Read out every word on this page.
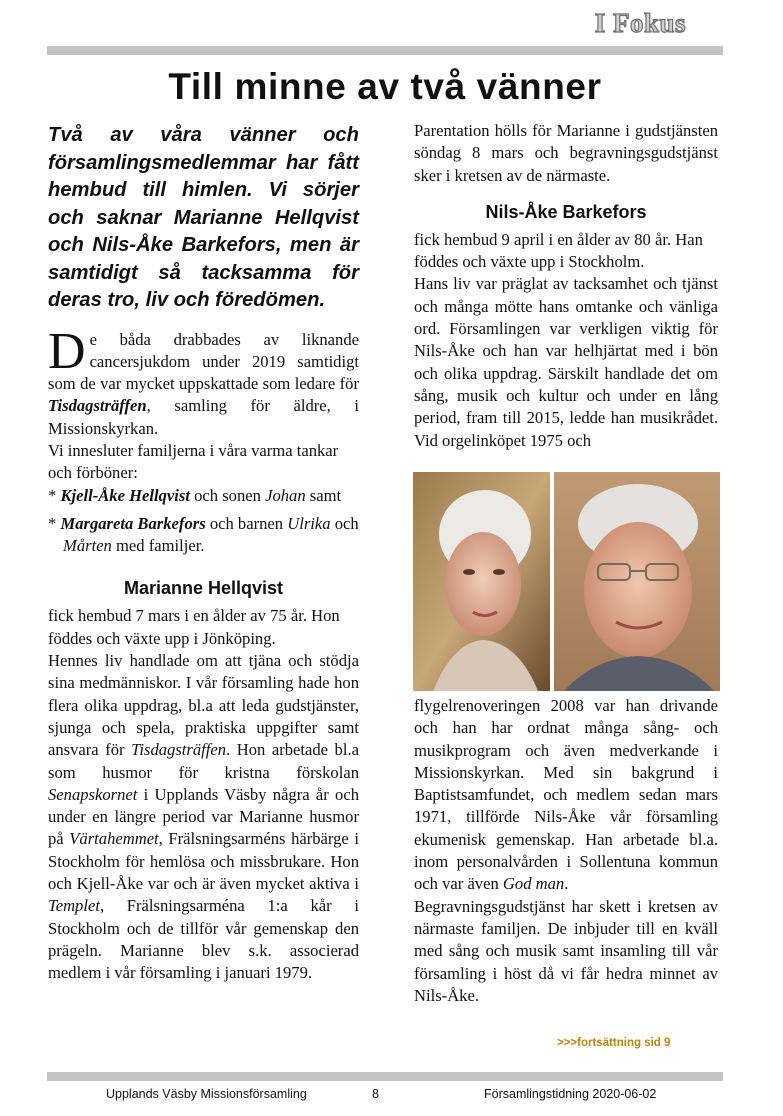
I Fokus
Till minne av två vänner

Två av våra vänner och församlingsmedlemmar har fått hembud till himlen. Vi sörjer och saknar Marianne Hellqvist och Nils-Åke Barkefors, men är samtidigt så tacksamma för deras tro, liv och föredömen.

De båda drabbades av liknande cancersjukdom under 2019 samtidigt som de var mycket uppskattade som ledare för Tisdagsträffen, samling för äldre, i Missionskyrkan.

Vi innesluter familjerna i våra varma tankar och förböner:

* Kjell-Åke Hellqvist och sonen Johan samt

* Margareta Barkefors och barnen Ulrika och Mårten med familjer.

Marianne Hellqvist

fick hembud 7 mars i en ålder av 75 år. Hon föddes och växte upp i Jönköping.

Hennes liv handlade om att tjäna och stödja sina medmänniskor. I vår församling hade hon flera olika uppdrag, bl.a att leda gudstjänster, sjunga och spela, praktiska uppgifter samt ansvara för Tisdagsträffen. Hon arbetade bl.a som husmor för kristna förskolan Senapskornet i Upplands Väsby några år och under en längre period var Marianne husmor på Värtahemmet, Frälsningsarméns härbärge i Stockholm för hemlösa och missbrukare. Hon och Kjell-Åke var och är även mycket aktiva i Templet, Frälsningsarména 1:a kår i Stockholm och de tillför vår gemenskap den prägeln. Marianne blev s.k. associerad medlem i vår församling i januari 1979.

Parentation hölls för Marianne i gudstjänsten söndag 8 mars och begravningsgudstjänst sker i kretsen av de närmaste.

Nils-Åke Barkefors

fick hembud 9 april i en ålder av 80 år. Han föddes och växte upp i Stockholm.

Hans liv var präglat av tacksamhet och tjänst och många mötte hans omtanke och vänliga ord. Församlingen var verkligen viktig för Nils-Åke och han var helhjärtat med i bön och olika uppdrag. Särskilt handlade det om sång, musik och kultur och under en lång period, fram till 2015, ledde han musikrådet. Vid orgelinköpet 1975 och

flygelrenoveringen 2008 var han drivande och han har ordnat många sång- och musikprogram och även medverkande i Missionskyrkan. Med sin bakgrund i Baptistsamfundet, och medlem sedan mars 1971, tillförde Nils-Åke vår församling ekumenisk gemenskap. Han arbetade bl.a. inom personalvården i Sollentuna kommun och var även God man.

Begravningsgudstjänst har skett i kretsen av närmaste familjen. De inbjuder till en kväll med sång och musik samt insamling till vår församling i höst då vi får hedra minnet av Nils-Åke.

>>>fortsättning sid 9
Upplands Väsby Missionsförsamling	8	Församlingstidning 2020-06-02
